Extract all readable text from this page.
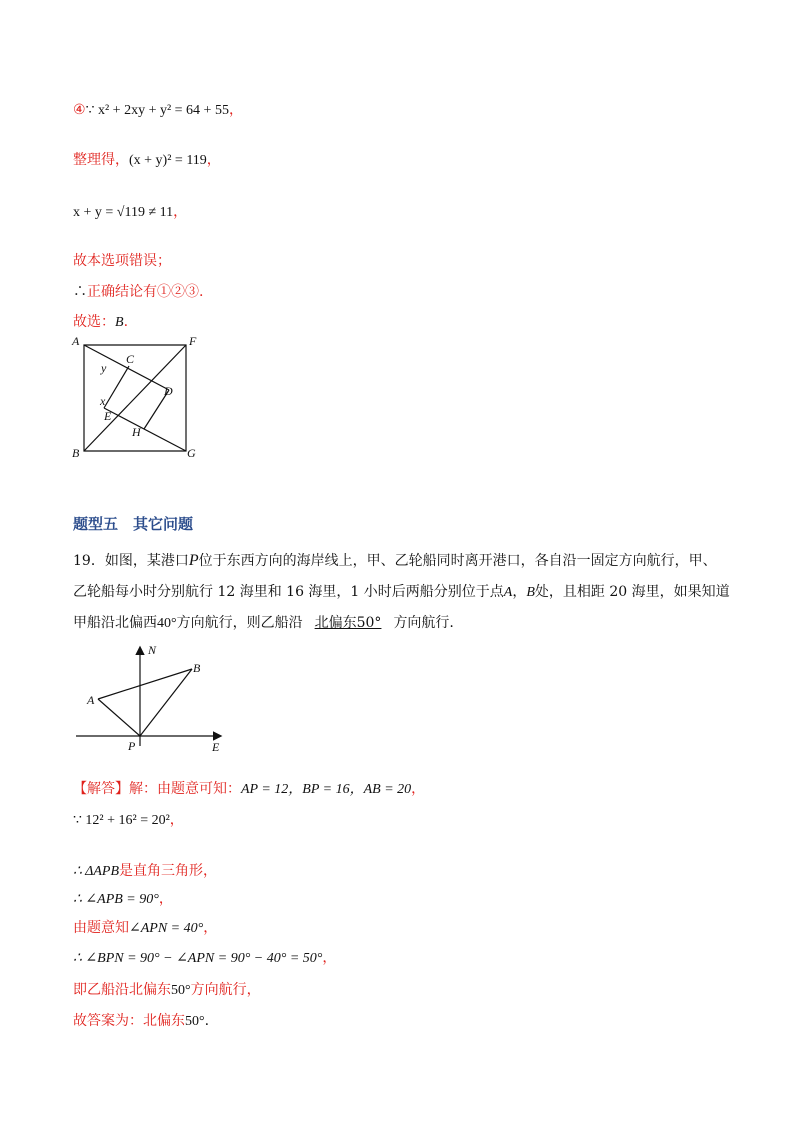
④∵ x² + 2xy + y² = 64 + 55，
整理得，(x + y)² = 119，
x + y = √119 ≠ 11，
故本选项错误；
∴正确结论有①②③.
故选：B.
A	F
B	G
C
D
E
H
x
y
题型五　其它问题
19．如图，某港口P位于东西方向的海岸线上，甲、乙轮船同时离开港口，各自沿一固定方向航行，甲、
乙轮船每小时分别航行 12 海里和 16 海里，1 小时后两船分别位于点A，B处，且相距 20 海里，如果知道
甲船沿北偏西40°方向航行，则乙船沿 北偏东50° 方向航行.
N
B
A
P	E
【解答】解：由题意可知：AP = 12，BP = 16，AB = 20，
∵ 12² + 16² = 20²，
∴ ΔAPB是直角三角形，
∴ ∠APB = 90°，
由题意知∠APN = 40°，
∴ ∠BPN = 90° − ∠APN = 90° − 40° = 50°，
即乙船沿北偏东50°方向航行，
故答案为：北偏东50°.
